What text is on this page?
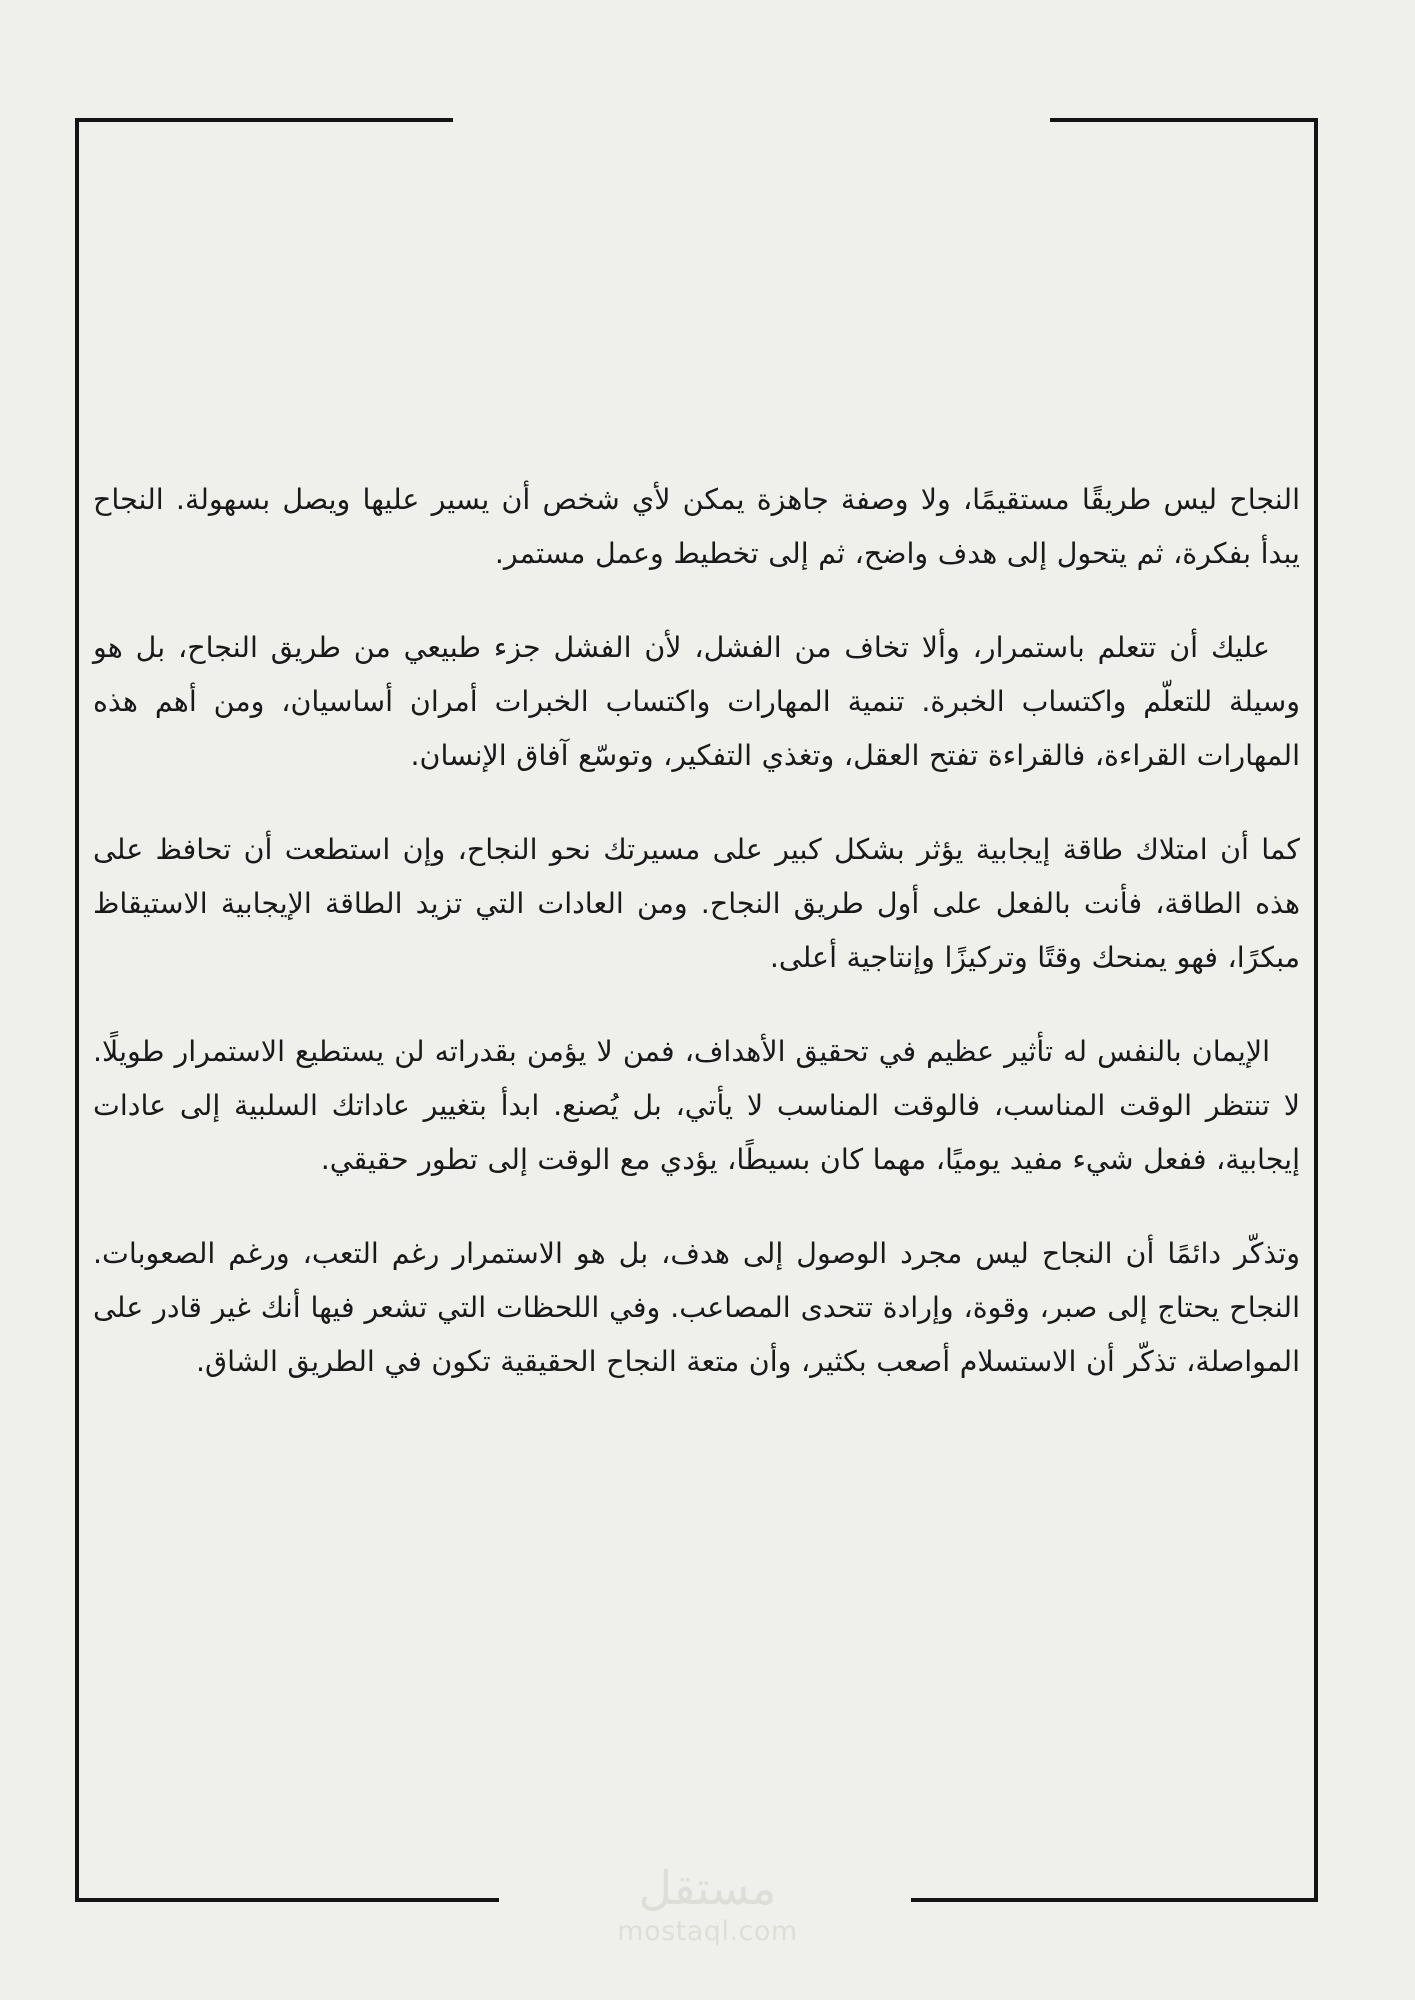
النجاح ليس طريقًا مستقيمًا، ولا وصفة جاهزة يمكن لأي شخص أن يسير عليها ويصل بسهولة. النجاح يبدأ بفكرة، ثم يتحول إلى هدف واضح، ثم إلى تخطيط وعمل مستمر.

عليك أن تتعلم باستمرار، وألا تخاف من الفشل، لأن الفشل جزء طبيعي من طريق النجاح، بل هو وسيلة للتعلّم واكتساب الخبرة. تنمية المهارات واكتساب الخبرات أمران أساسيان، ومن أهم هذه المهارات القراءة، فالقراءة تفتح العقل، وتغذي التفكير، وتوسّع آفاق الإنسان.

كما أن امتلاك طاقة إيجابية يؤثر بشكل كبير على مسيرتك نحو النجاح، وإن استطعت أن تحافظ على هذه الطاقة، فأنت بالفعل على أول طريق النجاح. ومن العادات التي تزيد الطاقة الإيجابية الاستيقاظ مبكرًا، فهو يمنحك وقتًا وتركيزًا وإنتاجية أعلى.

الإيمان بالنفس له تأثير عظيم في تحقيق الأهداف، فمن لا يؤمن بقدراته لن يستطيع الاستمرار طويلًا. لا تنتظر الوقت المناسب، فالوقت المناسب لا يأتي، بل يُصنع. ابدأ بتغيير عاداتك السلبية إلى عادات إيجابية، ففعل شيء مفيد يوميًا، مهما كان بسيطًا، يؤدي مع الوقت إلى تطور حقيقي.

وتذكّر دائمًا أن النجاح ليس مجرد الوصول إلى هدف، بل هو الاستمرار رغم التعب، ورغم الصعوبات. النجاح يحتاج إلى صبر، وقوة، وإرادة تتحدى المصاعب. وفي اللحظات التي تشعر فيها أنك غير قادر على المواصلة، تذكّر أن الاستسلام أصعب بكثير، وأن متعة النجاح الحقيقية تكون في الطريق الشاق.

مستقل
mostaql.com
